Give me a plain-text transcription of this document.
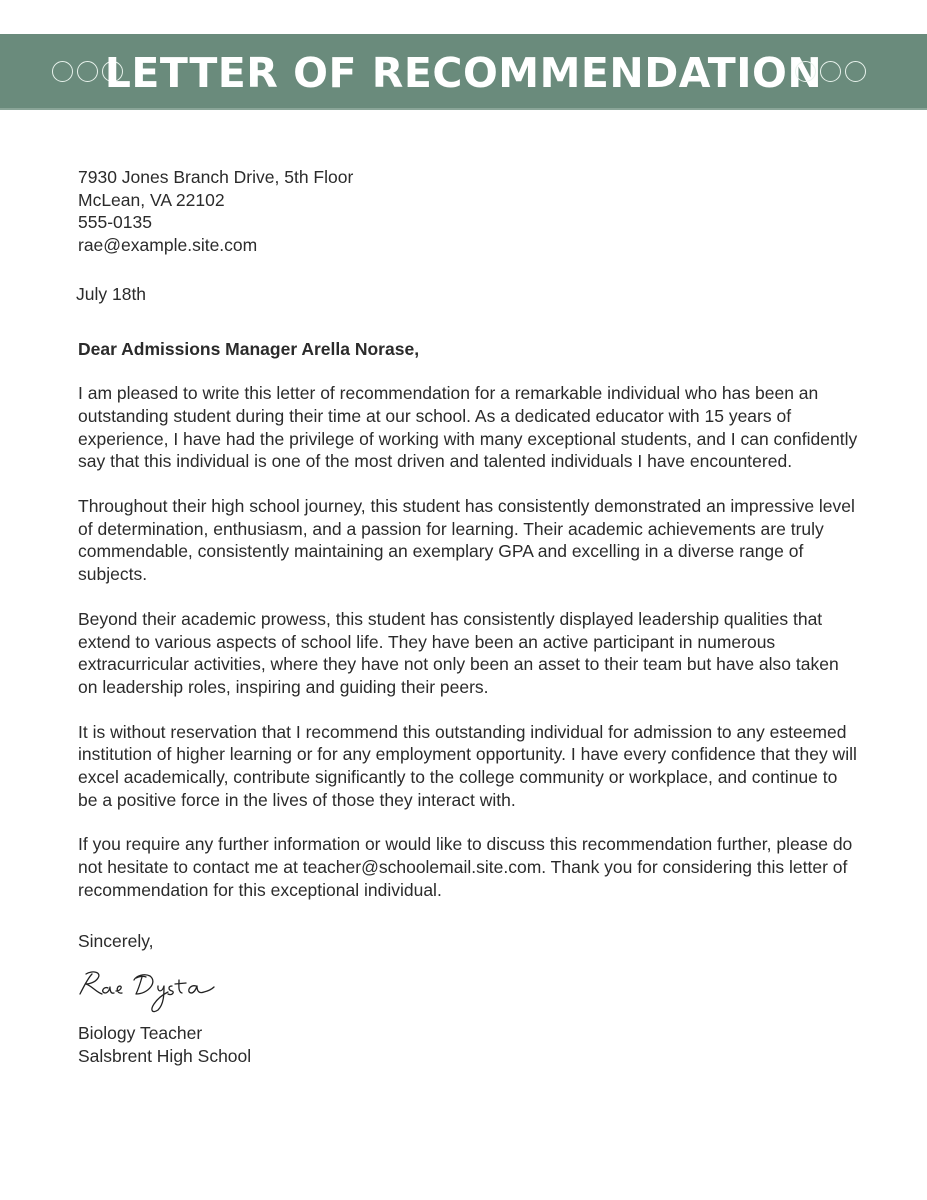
LETTER OF RECOMMENDATION
7930 Jones Branch Drive, 5th Floor
McLean, VA 22102
555-0135
rae@example.site.com
July 18th
Dear Admissions Manager Arella Norase,
I am pleased to write this letter of recommendation for a remarkable individual who has been an outstanding student during their time at our school. As a dedicated educator with 15 years of experience, I have had the privilege of working with many exceptional students, and I can confidently say that this individual is one of the most driven and talented individuals I have encountered.
Throughout their high school journey, this student has consistently demonstrated an impressive level of determination, enthusiasm, and a passion for learning. Their academic achievements are truly commendable, consistently maintaining an exemplary GPA and excelling in a diverse range of subjects.
Beyond their academic prowess, this student has consistently displayed leadership qualities that extend to various aspects of school life. They have been an active participant in numerous extracurricular activities, where they have not only been an asset to their team but have also taken on leadership roles, inspiring and guiding their peers.
It is without reservation that I recommend this outstanding individual for admission to any esteemed institution of higher learning or for any employment opportunity. I have every confidence that they will excel academically, contribute significantly to the college community or workplace, and continue to be a positive force in the lives of those they interact with.
If you require any further information or would like to discuss this recommendation further, please do not hesitate to contact me at teacher@schoolemail.site.com. Thank you for considering this letter of recommendation for this exceptional individual.
Sincerely,
Biology Teacher
Salsbrent High School
